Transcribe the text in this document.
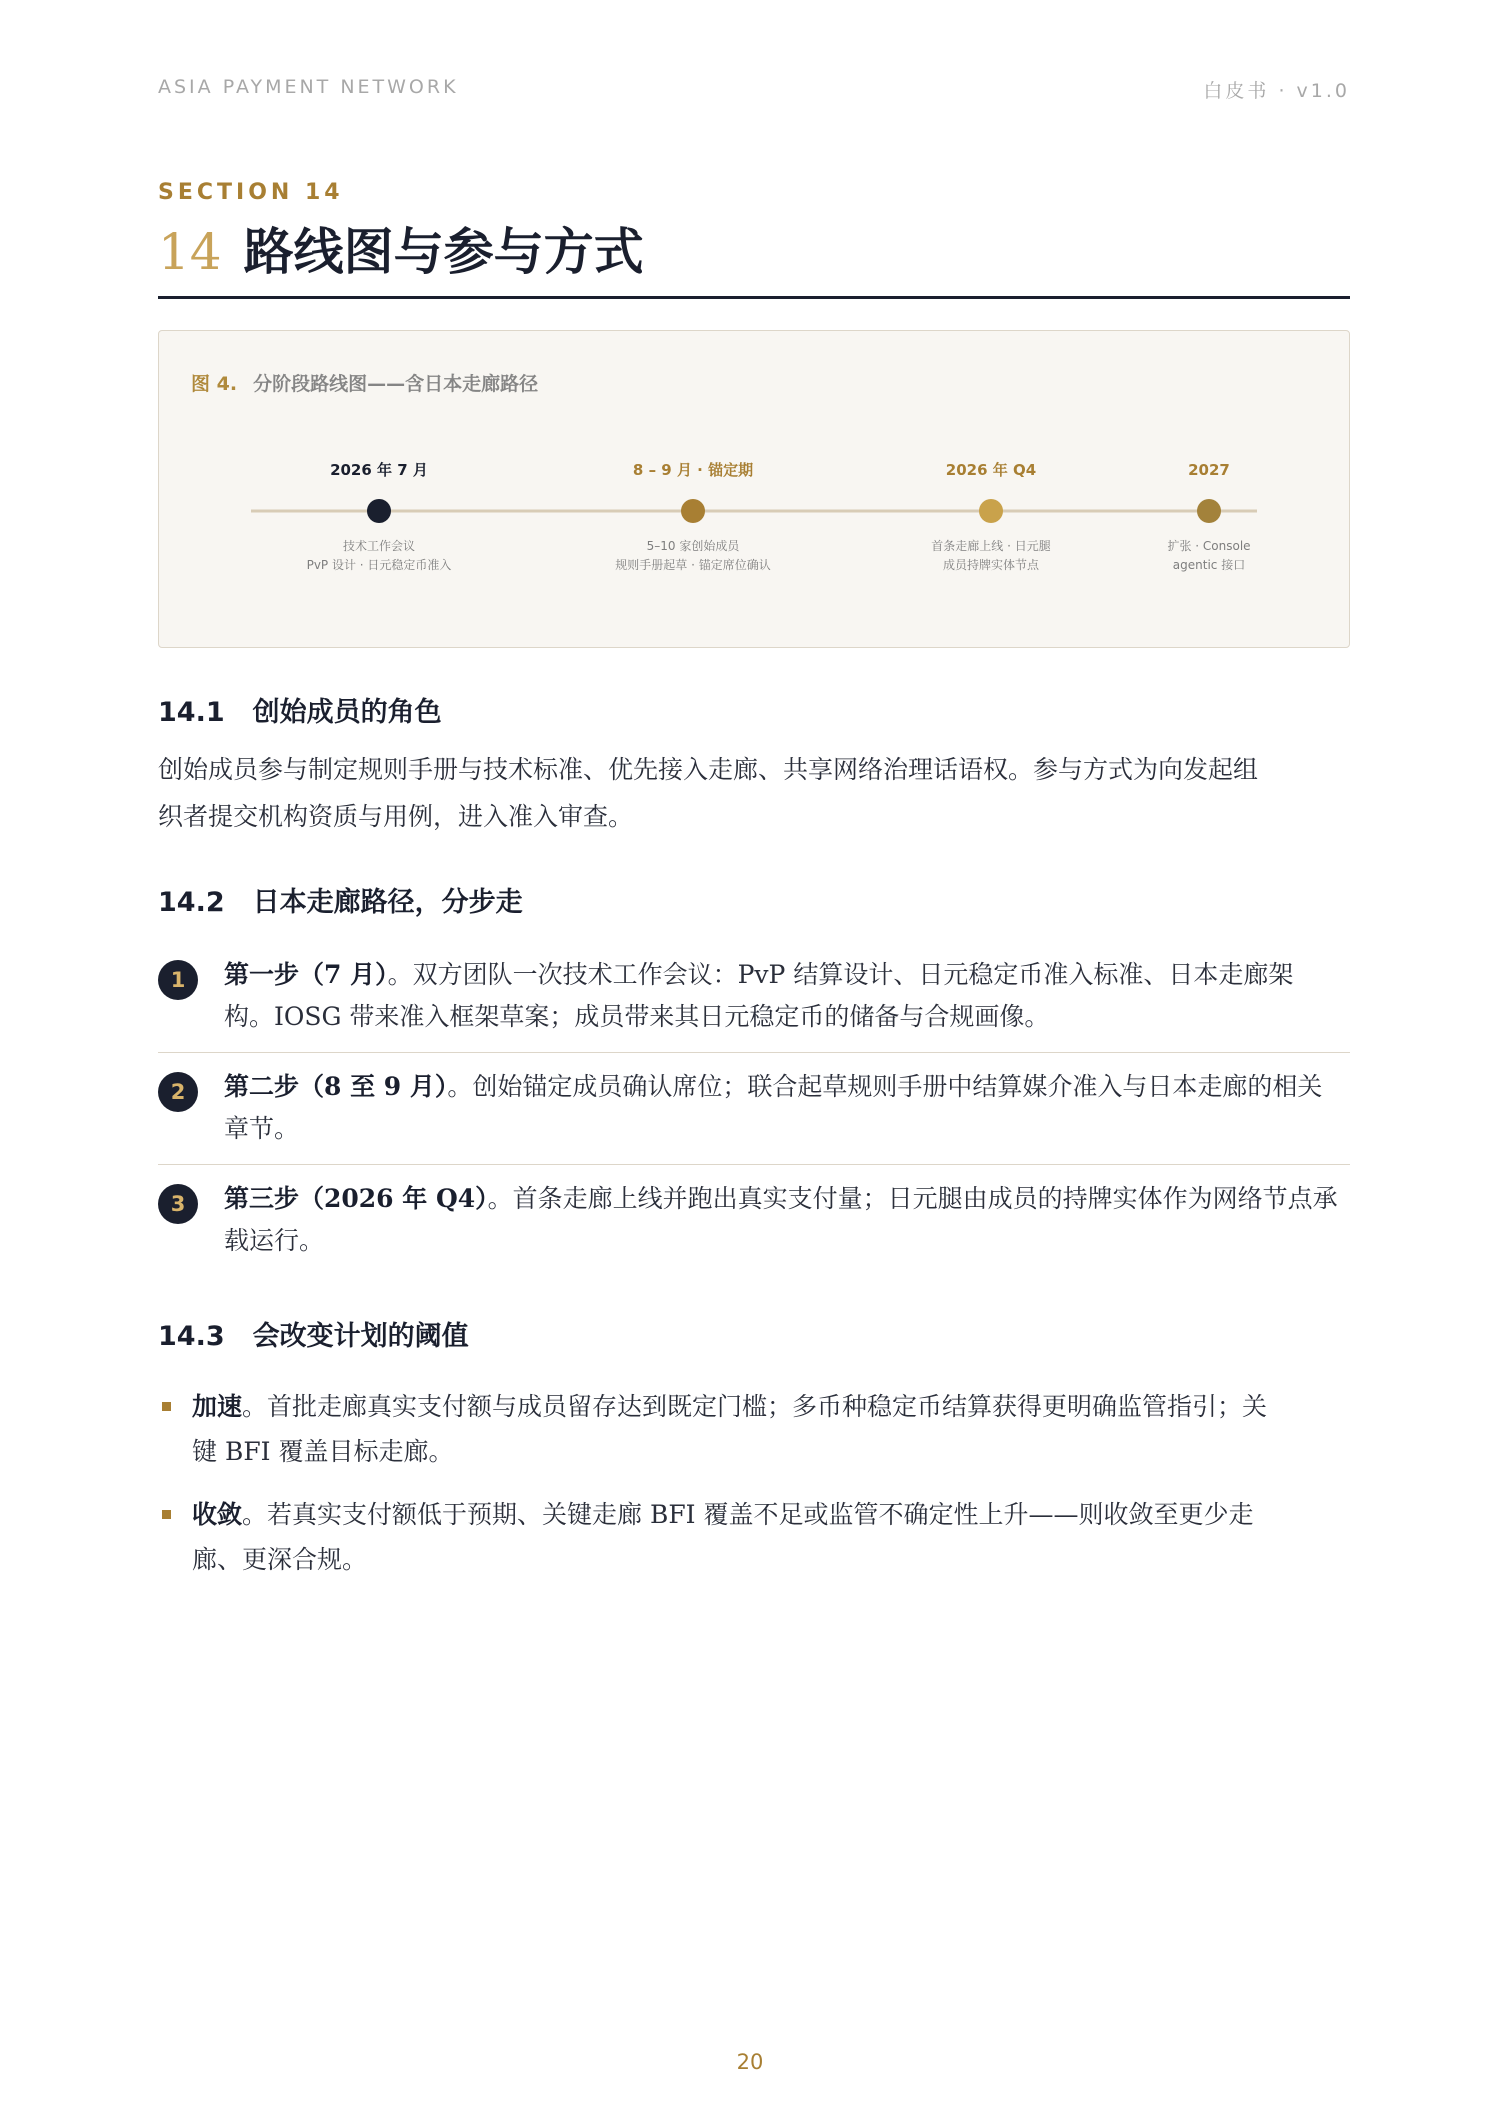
ASIA PAYMENT NETWORK	白皮书 · v1.0
SECTION 14
14 路线图与参与方式
图 4. 分阶段路线图——含日本走廊路径
2026 年 7 月
技术工作会议
PvP 设计 · 日元稳定币准入
8 – 9 月 · 锚定期
5–10 家创始成员
规则手册起草 · 锚定席位确认
2026 年 Q4
首条走廊上线 · 日元腿
成员持牌实体节点
2027
扩张 · Console
agentic 接口
14.1 创始成员的角色
创始成员参与制定规则手册与技术标准、优先接入走廊、共享网络治理话语权。参与方式为向发起组
织者提交机构资质与用例，进入准入审查。
14.2 日本走廊路径，分步走
1	第一步（7 月）。双方团队一次技术工作会议：PvP 结算设计、日元稳定币准入标准、日本走廊架
构。IOSG 带来准入框架草案；成员带来其日元稳定币的储备与合规画像。
2	第二步（8 至 9 月）。创始锚定成员确认席位；联合起草规则手册中结算媒介准入与日本走廊的相关
章节。
3	第三步（2026 年 Q4）。首条走廊上线并跑出真实支付量；日元腿由成员的持牌实体作为网络节点承
载运行。
14.3 会改变计划的阈值
加速。首批走廊真实支付额与成员留存达到既定门槛；多币种稳定币结算获得更明确监管指引；关
键 BFI 覆盖目标走廊。
收敛。若真实支付额低于预期、关键走廊 BFI 覆盖不足或监管不确定性上升——则收敛至更少走
廊、更深合规。
20
